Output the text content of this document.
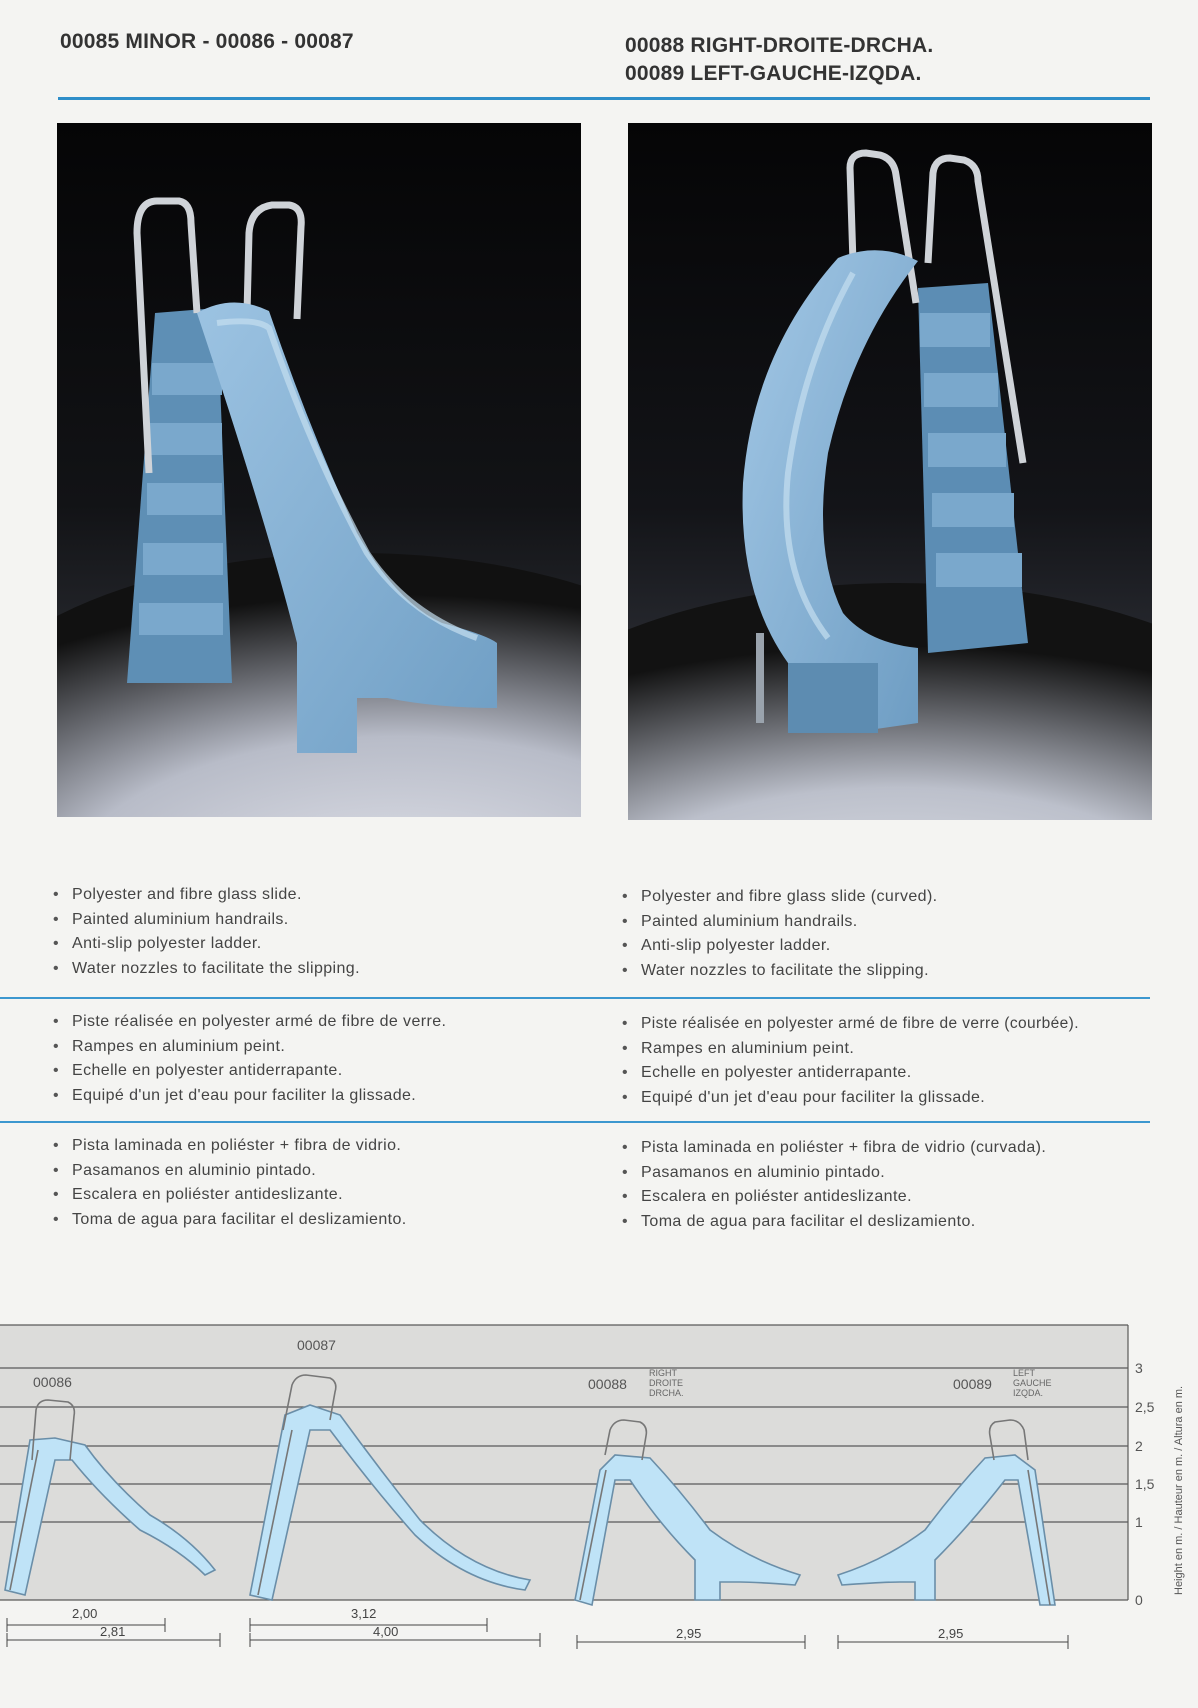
00085 MINOR - 00086 - 00087	00088 RIGHT-DROITE-DRCHA.
00089 LEFT-GAUCHE-IZQDA.
• Polyester and fibre glass slide.
• Painted aluminium handrails.
• Anti-slip polyester ladder.
• Water nozzles to facilitate the slipping.
• Piste réalisée en polyester armé de fibre de verre.
• Rampes en aluminium peint.
• Echelle en polyester antiderrapante.
• Equipé d'un jet d'eau pour faciliter la glissade.
• Pista laminada en poliéster + fibra de vidrio.
• Pasamanos en aluminio pintado.
• Escalera en poliéster antideslizante.
• Toma de agua para facilitar el deslizamiento.
• Polyester and fibre glass slide (curved).
• Painted aluminium handrails.
• Anti-slip polyester ladder.
• Water nozzles to facilitate the slipping.
• Piste réalisée en polyester armé de fibre de verre (courbée).
• Rampes en aluminium peint.
• Echelle en polyester antiderrapante.
• Equipé d'un jet d'eau pour faciliter la glissade.
• Pista laminada en poliéster + fibra de vidrio (curvada).
• Pasamanos en aluminio pintado.
• Escalera en poliéster antideslizante.
• Toma de agua para facilitar el deslizamiento.
3
2,5
2
1,5
1
0
Height en m. / Hauteur en m. / Altura en m.
00086
00087
00088
RIGHT
DROITE
DRCHA.
00089
LEFT
GAUCHE
IZQDA.
2,00
2,81
3,12
4,00	2,95	2,95
